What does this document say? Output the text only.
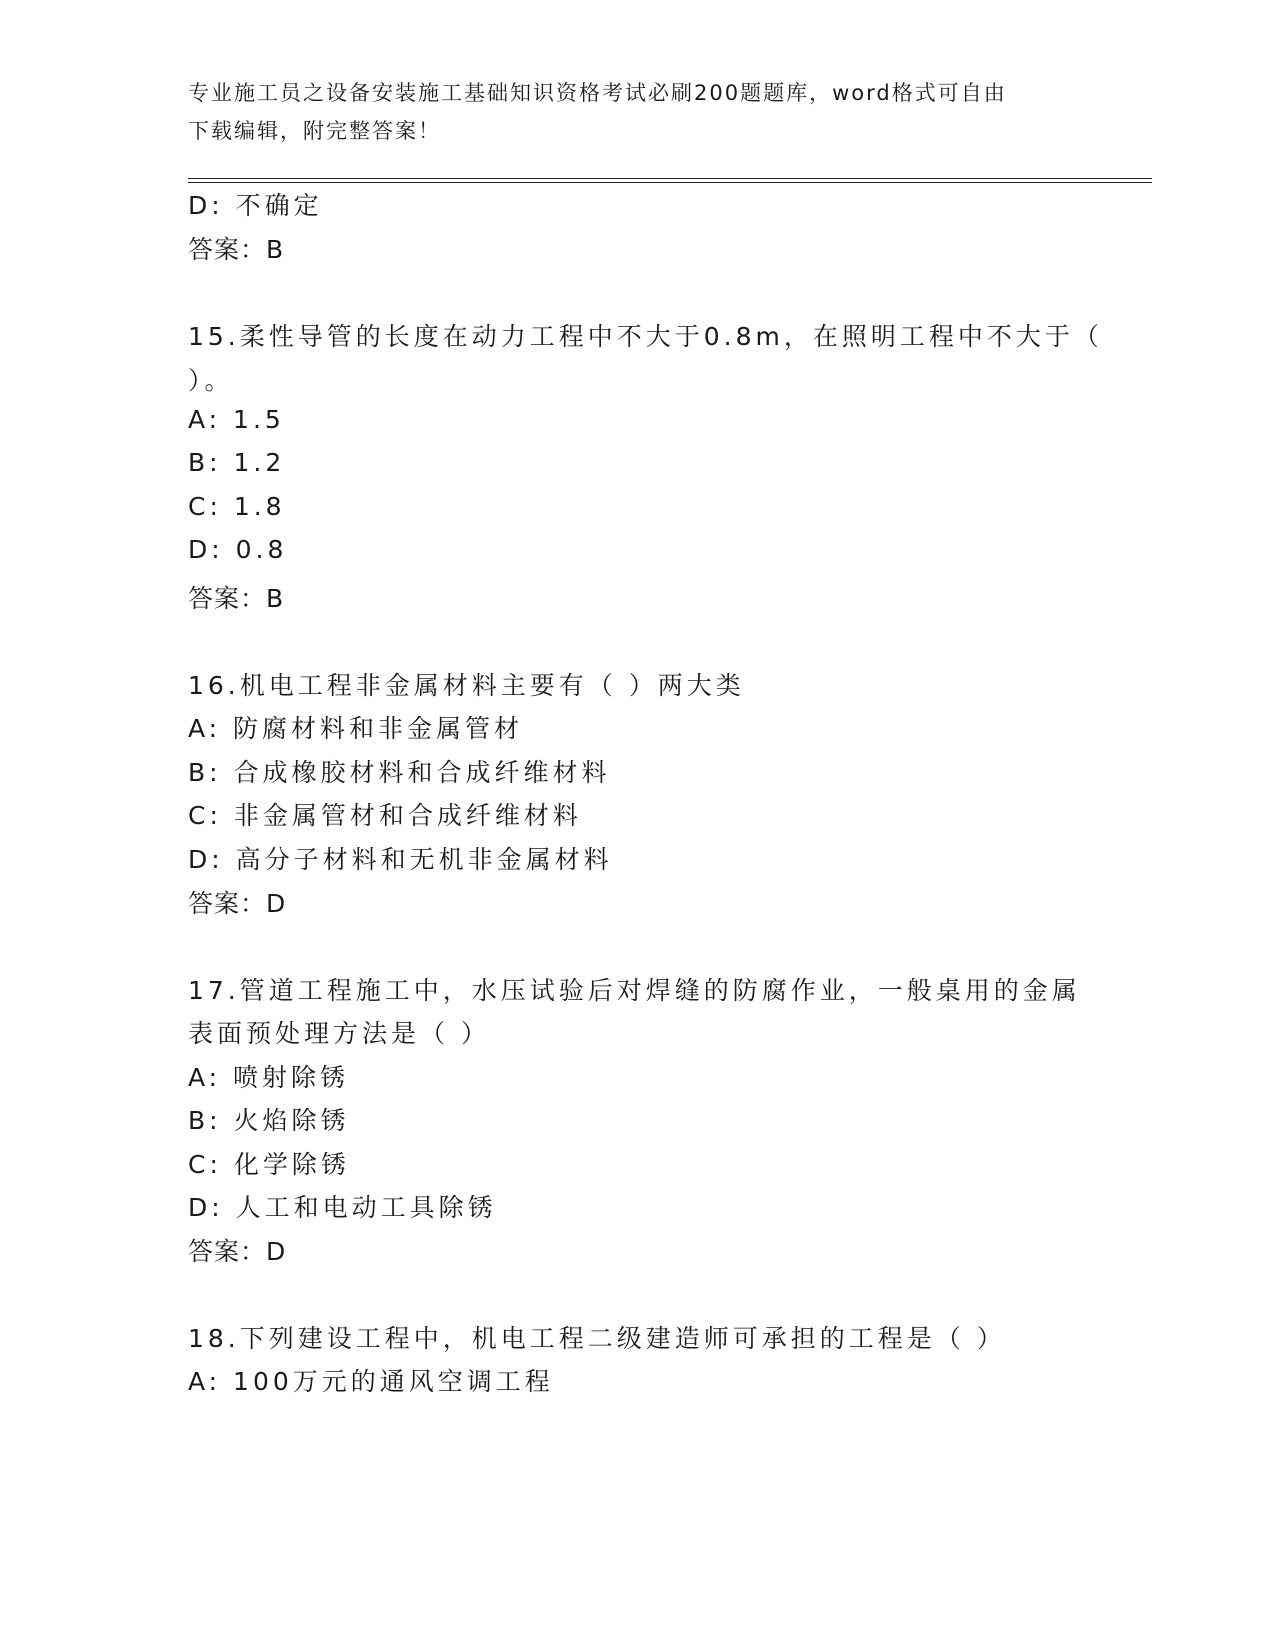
专业施工员之设备安装施工基础知识资格考试必刷200题题库，word格式可自由
下载编辑，附完整答案！
D: 不确定
答案：B
15.柔性导管的长度在动力工程中不大于0.8m，在照明工程中不大于（
）。
A: 1.5
B: 1.2
C: 1.8
D: 0.8
答案：B
16.机电工程非金属材料主要有（ ）两大类
A: 防腐材料和非金属管材
B: 合成橡胶材料和合成纤维材料
C: 非金属管材和合成纤维材料
D: 高分子材料和无机非金属材料
答案：D
17.管道工程施工中，水压试验后对焊缝的防腐作业，一般桌用的金属
表面预处理方法是（ ）
A: 喷射除锈
B: 火焰除锈
C: 化学除锈
D: 人工和电动工具除锈
答案：D
18.下列建设工程中，机电工程二级建造师可承担的工程是（ ）
A: 100万元的通风空调工程
